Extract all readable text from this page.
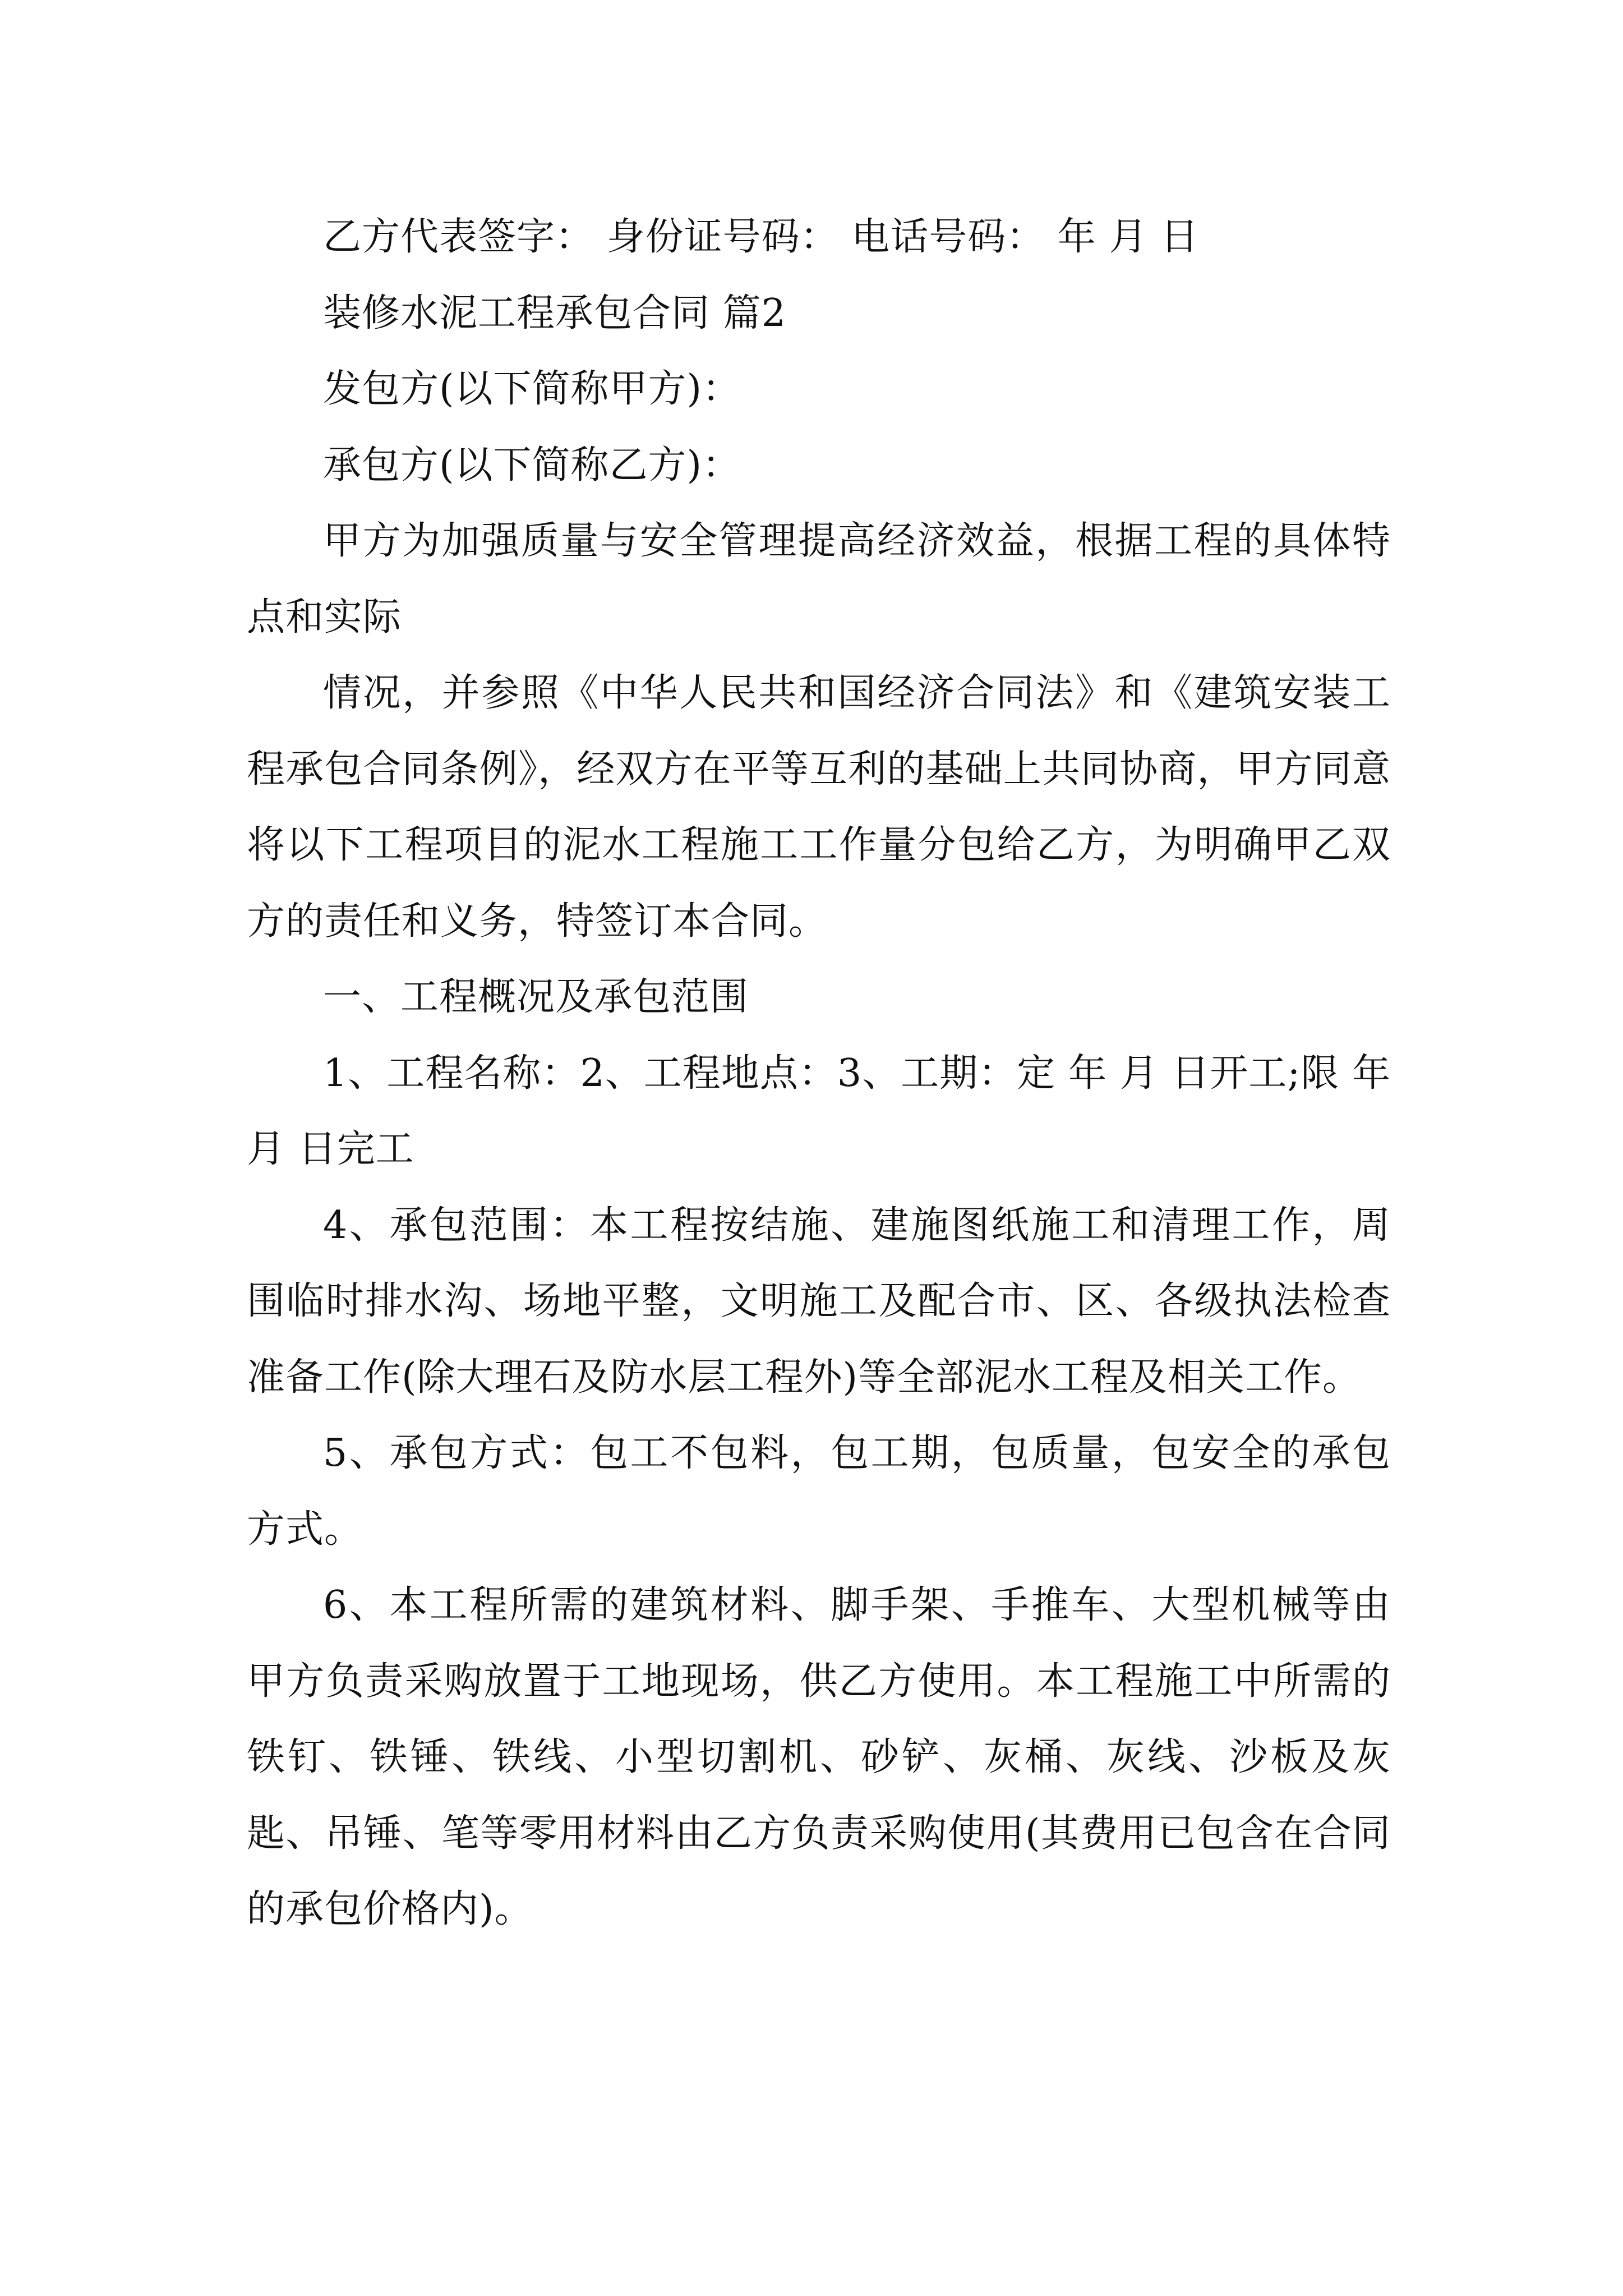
乙方代表签字： 身份证号码： 电话号码： 年 月 日

装修水泥工程承包合同 篇2

发包方(以下简称甲方)：

承包方(以下简称乙方)：

甲方为加强质量与安全管理提高经济效益，根据工程的具体特点和实际

情况，并参照《中华人民共和国经济合同法》和《建筑安装工程承包合同条例》，经双方在平等互利的基础上共同协商，甲方同意将以下工程项目的泥水工程施工工作量分包给乙方，为明确甲乙双方的责任和义务，特签订本合同。

一、工程概况及承包范围

1、工程名称：2、工程地点：3、工期：定 年 月 日开工;限 年 月 日完工

4、承包范围：本工程按结施、建施图纸施工和清理工作，周围临时排水沟、场地平整，文明施工及配合市、区、各级执法检查准备工作(除大理石及防水层工程外)等全部泥水工程及相关工作。

5、承包方式：包工不包料，包工期，包质量，包安全的承包方式。

6、本工程所需的建筑材料、脚手架、手推车、大型机械等由甲方负责采购放置于工地现场，供乙方使用。本工程施工中所需的铁钉、铁锤、铁线、小型切割机、砂铲、灰桶、灰线、沙板及灰匙、吊锤、笔等零用材料由乙方负责采购使用(其费用已包含在合同的承包价格内)。
